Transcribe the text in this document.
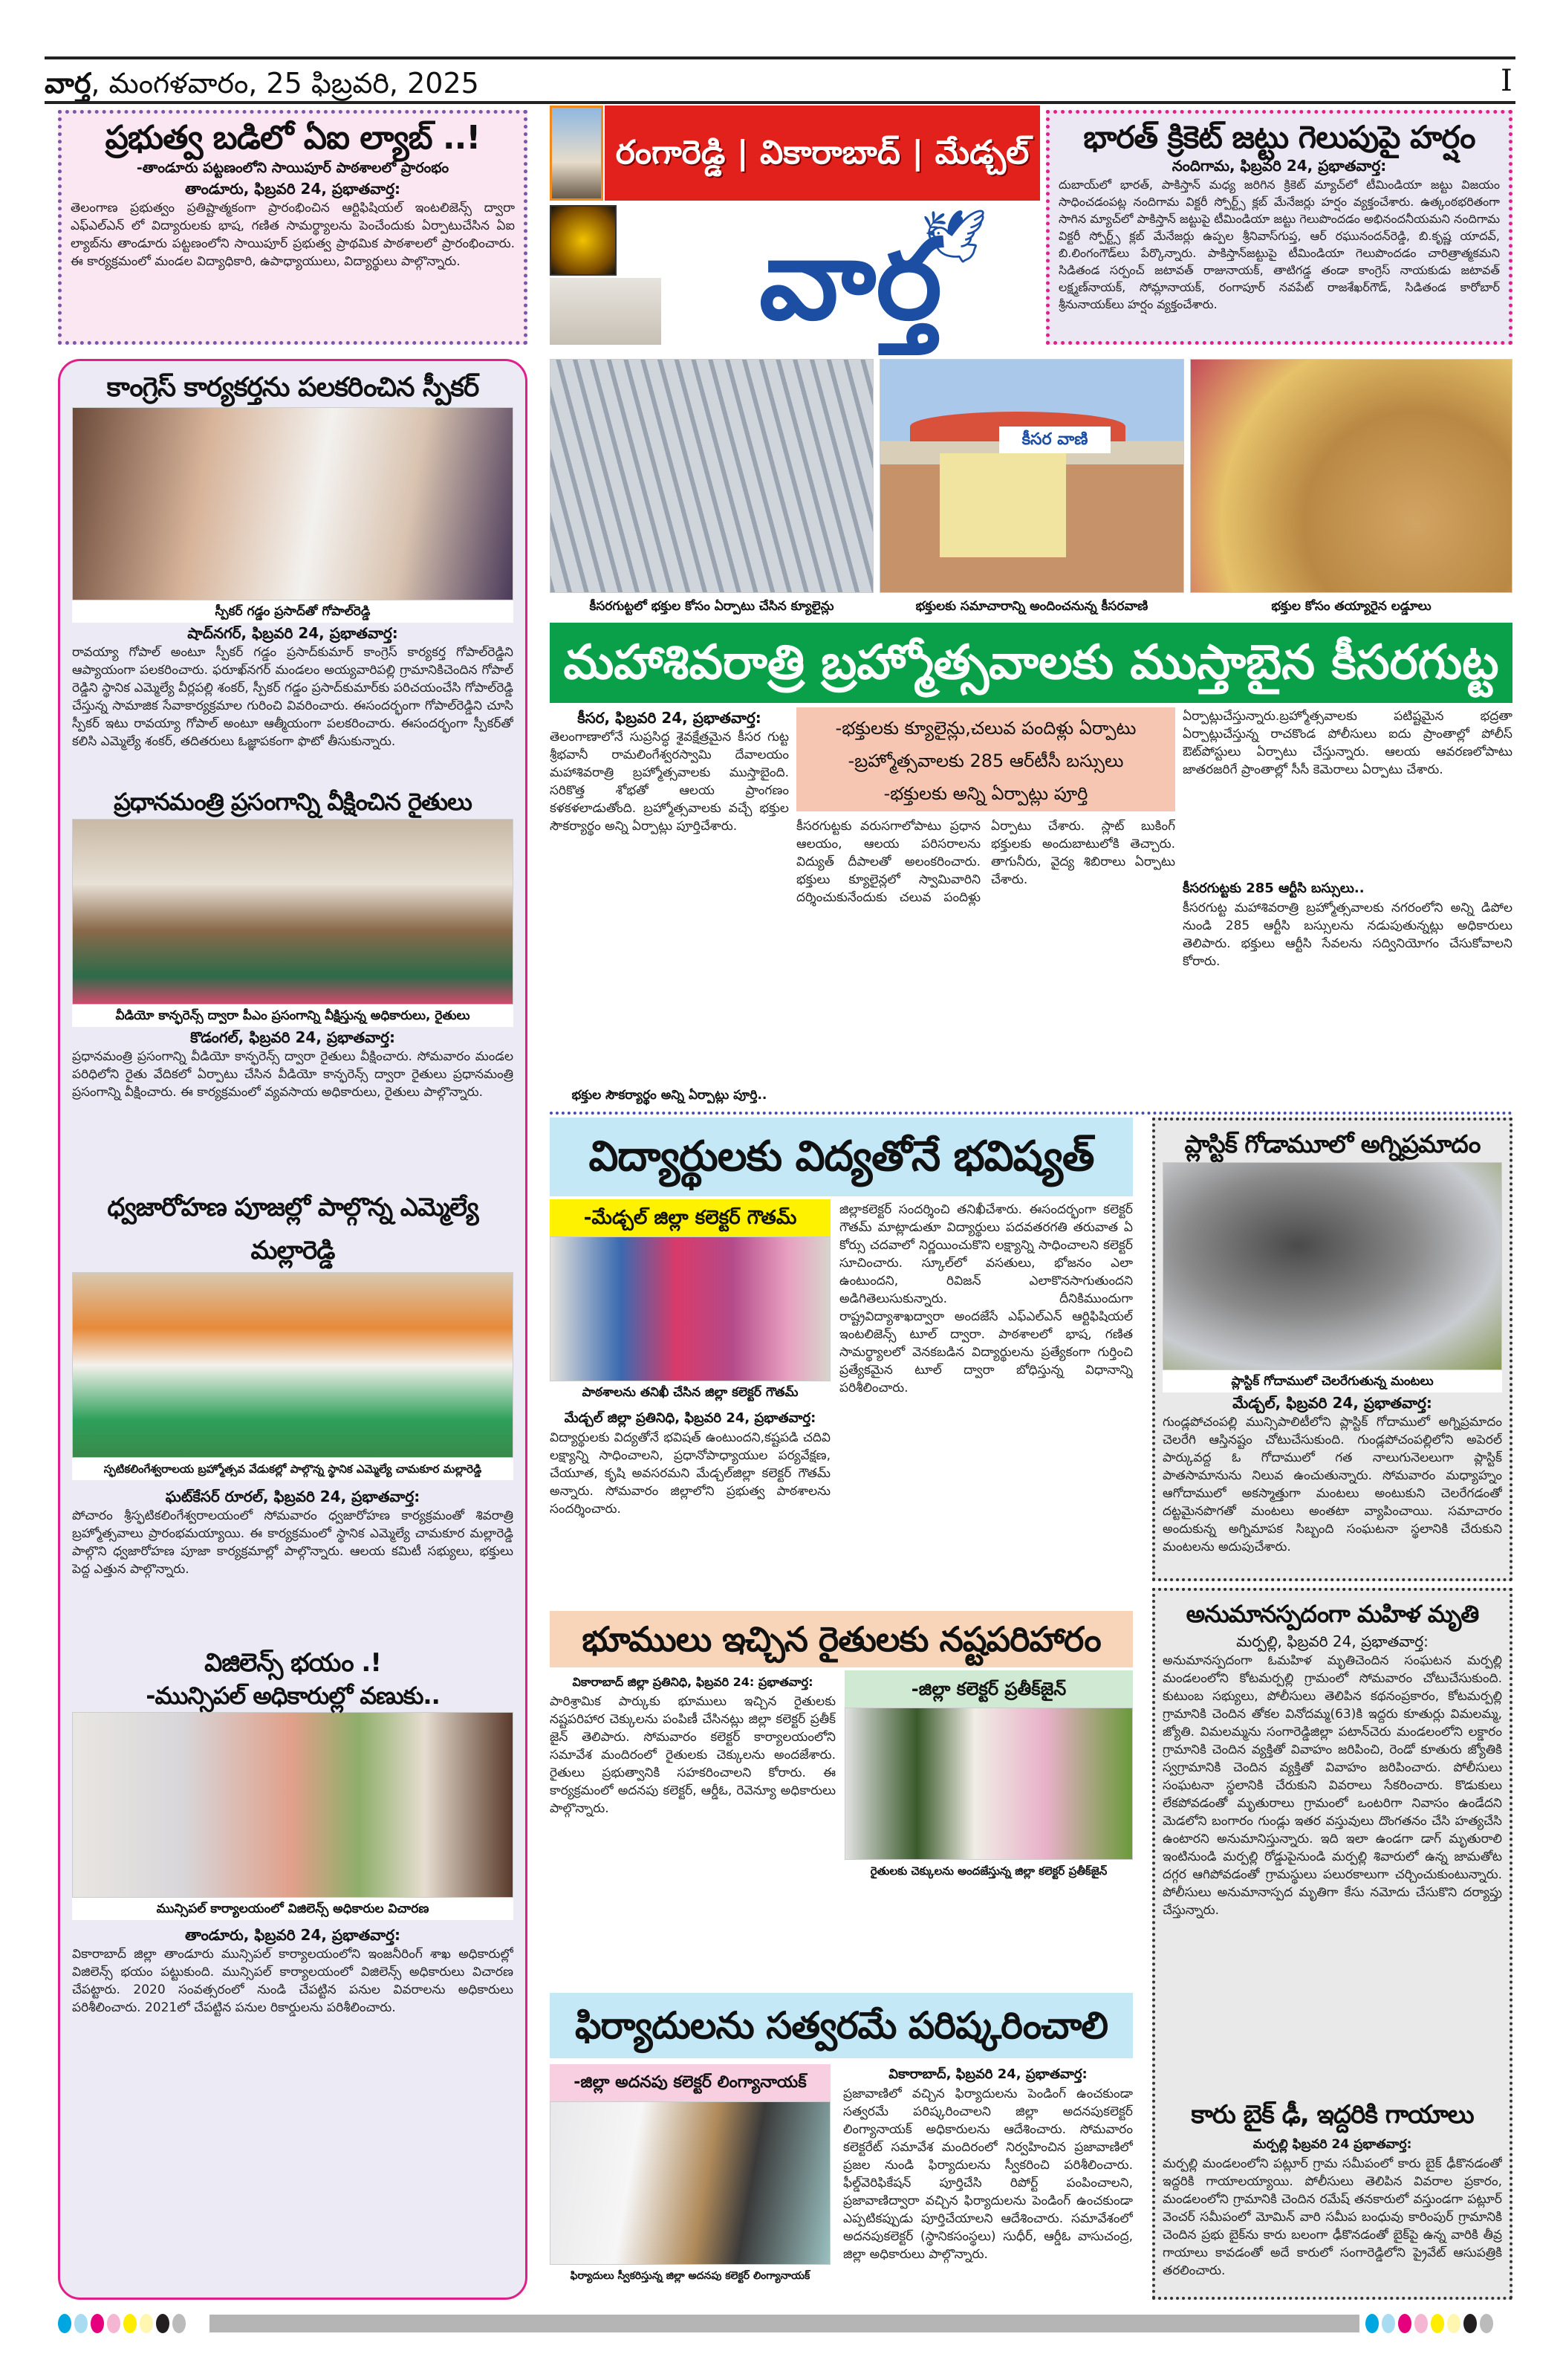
వార్త, మంగళవారం, 25 ఫిబ్రవరి, 2025	I
ప్రభుత్వ బడిలో ఏఐ ల్యాబ్ ..!
-తాండూరు పట్టణంలోని సాయిపూర్ పాఠశాలలో ప్రారంభం
తాండూరు, ఫిబ్రవరి 24, ప్రభాతవార్త:
తెలంగాణ ప్రభుత్వం ప్రతిష్టాత్మకంగా ప్రారంభించిన ఆర్టిఫిషియల్ ఇంటలిజెన్స్ ద్వారా ఎఫ్ఎల్ఎన్ లో విద్యారులకు భాష, గణిత సామర్థ్యాలను పెంచేందుకు ఏర్పాటుచేసిన ఏఐ ల్యాబ్‌ను తాండూరు పట్టణంలోని సాయిపూర్ ప్రభుత్వ ప్రాథమిక పాఠశాలలో ప్రారంభించారు. ఈ కార్యక్రమంలో మండల విద్యాధికారి, ఉపాధ్యాయులు, విద్యార్థులు పాల్గొన్నారు.
రంగారెడ్డి | వికారాబాద్ | మేడ్చల్
🕊
వార్త
భారత్ క్రికెట్ జట్టు గెలుపుపై హర్షం
నందిగామ, ఫిబ్రవరి 24, ప్రభాతవార్త:
దుబాయ్‌లో భారత్, పాకిస్తాన్ మధ్య జరిగిన క్రికెట్ మ్యాచ్‌లో టీమిండియా జట్టు విజయం సాధించడంపట్ల నందిగామ విక్టరీ స్పోర్ట్స్ క్లబ్ మేనేజర్లు హర్షం వ్యక్తంచేశారు. ఉత్కంఠభరితంగా సాగిన మ్యాచ్‌లో పాకిస్తాన్ జట్టుపై టీమిండియా జట్టు గెలుపొందడం అభినందనీయమని నందిగామ విక్టరీ స్పోర్ట్స్ క్లబ్ మేనేజర్లు ఉప్పల శ్రీనివాస్‌గుప్త, ఆర్ రఘునందన్‌రెడ్డి, బి.కృష్ణ యాదవ్, బి.లింగంగౌడ్‌లు పేర్కొన్నారు. పాకిస్తాన్‌జట్టుపై టీమిండియా గెలుపొందడం చారిత్రాత్మకమని సిడితండ సర్పంచ్ జటావత్ రాజునాయక్, తాటిగడ్డ తండా కాంగ్రెస్ నాయకుడు జటావత్ లక్ష్మణ్‌నాయక్, సోమ్లానాయక్, రంగాపూర్ నవపేట్ రాజశేఖర్‌గౌడ్, సిడితండ కారోబార్ శ్రీనునాయక్‌లు హర్షం వ్యక్తంచేశారు.
కాంగ్రెస్ కార్యకర్తను పలకరించిన స్పీకర్
స్పీకర్ గడ్డం ప్రసాద్‌తో గోపాల్‌రెడ్డి
షాద్‌నగర్, ఫిబ్రవరి 24, ప్రభాతవార్త:
రావయ్యా గోపాల్ అంటూ స్పీకర్ గడ్డం ప్రసాద్‌కుమార్ కాంగ్రెస్ కార్యకర్త గోపాల్‌రెడ్డిని ఆప్యాయంగా పలకరించారు. ఫరూఖ్‌నగర్ మండలం అయ్యవారిపల్లి గ్రామానికిచెందిన గోపాల్ రెడ్డిని స్థానిక ఎమ్మెల్యే వీర్లపల్లి శంకర్, స్పీకర్ గడ్డం ప్రసాద్‌కుమార్‌కు పరిచయంచేసి గోపాల్‌రెడ్డి చేస్తున్న సామాజిక సేవాకార్యక్రమాల గురించి వివరించారు. ఈసందర్భంగా గోపాల్‌రెడ్డిని చూసి స్పీకర్ ఇటు రావయ్యా గోపాల్ అంటూ ఆత్మీయంగా పలకరించారు. ఈసందర్భంగా స్పీకర్‌తో కలిసి ఎమ్మెల్యే శంకర్, తదితరులు ఓజ్ఞాపకంగా ఫొటో తీసుకున్నారు.
ప్రధానమంత్రి ప్రసంగాన్ని వీక్షించిన రైతులు
వీడియో కాన్ఫరెన్స్ ద్వారా పీఎం ప్రసంగాన్ని వీక్షిస్తున్న అధికారులు, రైతులు
కొడంగల్, ఫిబ్రవరి 24, ప్రభాతవార్త:
ప్రధానమంత్రి ప్రసంగాన్ని వీడియో కాన్ఫరెన్స్ ద్వారా రైతులు వీక్షించారు. సోమవారం మండల పరిధిలోని రైతు వేదికలో ఏర్పాటు చేసిన వీడియో కాన్ఫరెన్స్ ద్వారా రైతులు ప్రధానమంత్రి ప్రసంగాన్ని వీక్షించారు. ఈ కార్యక్రమంలో వ్యవసాయ అధికారులు, రైతులు పాల్గొన్నారు.
ధ్వజారోహణ పూజల్లో పాల్గొన్న ఎమ్మెల్యే మల్లారెడ్డి
స్ఫటికలింగేశ్వరాలయ బ్రహ్మోత్సవ వేడుకల్లో పాల్గొన్న స్థానిక ఎమ్మెల్యే చామకూర మల్లారెడ్డి
ఘట్‌కేసర్ రూరల్, ఫిబ్రవరి 24, ప్రభాతవార్త:
పోచారం శ్రీస్ఫటికలింగేశ్వరాలయంలో సోమవారం ధ్వజారోహణ కార్యక్రమంతో శివరాత్రి బ్రహ్మోత్సవాలు ప్రారంభమయ్యాయి. ఈ కార్యక్రమంలో స్థానిక ఎమ్మెల్యే చామకూర మల్లారెడ్డి పాల్గొని ధ్వజారోహణ పూజా కార్యక్రమాల్లో పాల్గొన్నారు. ఆలయ కమిటీ సభ్యులు, భక్తులు పెద్ద ఎత్తున పాల్గొన్నారు.
విజిలెన్స్ భయం .!
-మున్సిపల్ అధికారుల్లో వణుకు..
మున్సిపల్ కార్యాలయంలో విజిలెన్స్ అధికారుల విచారణ
తాండూరు, ఫిబ్రవరి 24, ప్రభాతవార్త:
వికారాబాద్ జిల్లా తాండూరు మున్సిపల్ కార్యాలయంలోని ఇంజనీరింగ్ శాఖ అధికారుల్లో విజిలెన్స్ భయం పట్టుకుంది. మున్సిపల్ కార్యాలయంలో విజిలెన్స్ అధికారులు విచారణ చేపట్టారు. 2020 సంవత్సరంలో నుండి చేపట్టిన పనుల వివరాలను అధికారులు పరిశీలించారు. 2021లో చేపట్టిన పనుల రికార్డులను పరిశీలించారు.
కీసర వాణి
కీసరగుట్టలో భక్తుల కోసం ఏర్పాటు చేసిన క్యూలైన్లు	భక్తులకు సమాచారాన్ని అందించనున్న కీసరవాణి	భక్తుల కోసం తయ్యారైన లడ్డూలు
మహాశివరాత్రి బ్రహ్మోత్సవాలకు ముస్తాబైన కీసరగుట్ట
కీసర, ఫిబ్రవరి 24, ప్రభాతవార్త:
తెలంగాణాలోనే సుప్రసిద్ధ శైవక్షేత్రమైన కీసర గుట్ట శ్రీభవానీ రామలింగేశ్వరస్వామి దేవాలయం మహాశివరాత్రి బ్రహ్మోత్సవాలకు ముస్తాబైంది. సరికొత్త శోభతో ఆలయ ప్రాంగణం కళకళలాడుతోంది. బ్రహ్మోత్సవాలకు వచ్చే భక్తుల సౌకర్యార్థం అన్ని ఏర్పాట్లు పూర్తిచేశారు.
భక్తుల సౌకర్యార్థం అన్ని ఏర్పాట్లు పూర్తి..
-భక్తులకు క్యూలైన్లు,చలువ పందిళ్లు ఏర్పాటు
-బ్రహ్మోత్సవాలకు 285 ఆర్‌టీసీ బస్సులు
-భక్తులకు అన్ని ఏర్పాట్లు పూర్తి
కీసరగుట్టకు వరుసగాలోపాటు ప్రధాన ఆలయం, ఆలయ పరిసరాలను విద్యుత్ దీపాలతో అలంకరించారు. భక్తులు క్యూలైన్లలో స్వామివారిని దర్శించుకునేందుకు చలువ పందిళ్లు ఏర్పాటు చేశారు. స్లాట్ బుకింగ్ భక్తులకు అందుబాటులోకి తెచ్చారు. తాగునీరు, వైద్య శిబిరాలు ఏర్పాటు చేశారు.
ఏర్పాట్లుచేస్తున్నారు.బ్రహ్మోత్సవాలకు పటిష్టమైన భద్రతా ఏర్పాట్లుచేస్తున్న రాచకొండ పోలీసులు ఐదు ప్రాంతాల్లో పోలీస్ ఔట్‌పోస్టులు ఏర్పాటు చేస్తున్నారు. ఆలయ ఆవరణలోపాటు జాతరజరిగే ప్రాంతాల్లో సీసీ కెమెరాలు ఏర్పాటు చేశారు.
కీసరగుట్టకు 285 ఆర్టీసి బస్సులు..
కీసరగుట్ట మహాశివరాత్రి బ్రహ్మోత్సవాలకు నగరంలోని అన్ని డిపోల నుండి 285 ఆర్టీసి బస్సులను నడుపుతున్నట్లు అధికారులు తెలిపారు. భక్తులు ఆర్టీసి సేవలను సద్వినియోగం చేసుకోవాలని కోరారు.
విద్యార్థులకు విద్యతోనే భవిష్యత్
-మేడ్చల్ జిల్లా కలెక్టర్ గౌతమ్
పాఠశాలను తనిఖీ చేసిన జిల్లా కలెక్టర్ గౌతమ్
మేడ్చల్ జిల్లా ప్రతినిధి, ఫిబ్రవరి 24, ప్రభాతవార్త:
విద్యార్థులకు విద్యతోనే భవిషత్ ఉంటుందని,కష్టపడి చదివి లక్ష్యాన్ని సాధించాలని, ప్రధానోపాధ్యాయుల పర్యవేక్షణ, చేయూత, కృషి అవసరమని మేడ్చల్‌జిల్లా కలెక్టర్ గౌతమ్ అన్నారు. సోమవారం జిల్లాలోని ప్రభుత్వ పాఠశాలను సందర్శించారు.
జిల్లాకలెక్టర్ సందర్శించి తనిఖీచేశారు. ఈసందర్భంగా కలెక్టర్ గౌతమ్ మాట్లాడుతూ విద్యార్థులు పదవతరగతి తరువాత ఏ కోర్సు చదవాలో నిర్ణయించుకొని లక్ష్యాన్ని సాధించాలని కలెక్టర్ సూచించారు. స్కూల్‌లో వసతులు, భోజనం ఎలా ఉంటుందని, రివిజన్ ఎలాకొనసాగుతుందని అడిగితెలుసుకున్నారు. దీనికిముందుగా రాష్ట్రవిద్యాశాఖద్వారా అందజేసే ఎఫ్ఎల్ఎన్ ఆర్టిఫిషియల్ ఇంటలిజెన్స్ టూల్ ద్వారా. పాఠశాలలో భాష, గణిత సామర్థ్యాలలో వెనకబడిన విద్యార్థులను ప్రత్యేకంగా గుర్తించి ప్రత్యేకమైన టూల్ ద్వారా బోధిస్తున్న విధానాన్ని పరిశీలించారు.
ప్లాస్టిక్ గోడామూలో అగ్నిప్రమాదం
ప్లాస్టిక్ గోదాములో చెలరేగుతున్న మంటలు
మేడ్చల్, ఫిబ్రవరి 24, ప్రభాతవార్త:
గుండ్లపోచంపల్లి మున్సిపాలిటీలోని ప్లాస్టిక్ గోదాములో అగ్నిప్రమాదం చెలరేగి ఆస్తినష్టం చోటుచేసుకుంది. గుండ్లపోచంపల్లిలోని అపెరల్ పార్కువద్ద ఓ గోదాములో గత నాలుగునెలలుగా ప్లాస్టిక్ పాతసామానును నిలువ ఉంచుతున్నారు. సోమవారం మధ్యాహ్నం ఆగోదాములో అకస్మాత్తుగా మంటలు అంటుకుని చెలరేగడంతో దట్టమైనపొగతో మంటలు అంతటా వ్యాపించాయి. సమాచారం అందుకున్న అగ్నిమాపక సిబ్బంది సంఘటనా స్థలానికి చేరుకుని మంటలను అదుపుచేశారు.
భూములు ఇచ్చిన రైతులకు నష్టపరిహారం
వికారాబాద్ జిల్లా ప్రతినిధి, ఫిబ్రవరి 24: ప్రభాతవార్త:
పారిశ్రామిక పార్కుకు భూములు ఇచ్చిన రైతులకు నష్టపరిహార చెక్కులను పంపిణీ చేసినట్లు జిల్లా కలెక్టర్ ప్రతీక్ జైన్ తెలిపారు. సోమవారం కలెక్టర్ కార్యాలయంలోని సమావేశ మందిరంలో రైతులకు చెక్కులను అందజేశారు. రైతులు ప్రభుత్వానికి సహకరించాలని కోరారు. ఈ కార్యక్రమంలో అదనపు కలెక్టర్, ఆర్డీఓ, రెవెన్యూ అధికారులు పాల్గొన్నారు.
-జిల్లా కలెక్టర్ ప్రతీక్‌జైన్
రైతులకు చెక్కులను అందజేస్తున్న జిల్లా కలెక్టర్ ప్రతీక్‌జైన్
అనుమానస్పదంగా మహిళ మృతి
మర్పల్లి, ఫిబ్రవరి 24, ప్రభాతవార్త:
అనుమానస్పదంగా ఓమహిళ మృతిచెందిన సంఘటన మర్పల్లి మండలంలోని కోటమర్పల్లి గ్రామంలో సోమవారం చోటుచేసుకుంది. కుటుంబ సభ్యులు, పోలీసులు తెలిపిన కథనంప్రకారం, కోటమర్పల్లి గ్రామానికి చెందిన తోకల వినోదమ్మ(63)కి ఇద్దరు కూతుర్లు విమలమ్మ, జ్యోతి. విమలమ్మను సంగారెడ్డిజిల్లా పటాన్‌చెరు మండలంలోని లక్డారం గ్రామానికి చెందిన వ్యక్తితో వివాహం జరిపించి, రెండో కూతురు జ్యోతికి స్వగ్రామానికి చెందిన వ్యక్తితో వివాహం జరిపించారు. పోలీసులు సంఘటనా స్థలానికి చేరుకుని వివరాలు సేకరించారు. కొడుకులు లేకపోవడంతో మృతురాలు గ్రామంలో ఒంటరిగా నివాసం ఉండేదని మెడలోని బంగారం గుండ్లు ఇతర వస్తువులు దొంగతనం చేసి హత్యచేసి ఉంటారని అనుమానిస్తున్నారు. ఇది ఇలా ఉండగా డాగ్ మృతురాలి ఇంటినుండి మర్పల్లి రోడ్డుపైనుండి మర్పల్లి శివారులో ఉన్న జామతోట దగ్గర ఆగిపోవడంతో గ్రామస్థులు పలురకాలుగా చర్చించుకుంటున్నారు. పోలీసులు అనుమానాస్పద మృతిగా కేసు నమోదు చేసుకొని దర్యాప్తు చేస్తున్నారు.
కారు బైక్ ఢీ, ఇద్దరికి గాయాలు
మర్పల్లి ఫిబ్రవరి 24 ప్రభాతవార్త:
మర్పల్లి మండలంలోని పట్లూర్ గ్రామ సమీపంలో కారు బైక్ ఢీకొనడంతో ఇద్దరికి గాయాలయ్యాయి. పోలీసులు తెలిపిన వివరాల ప్రకారం, మండలంలోని గ్రామానికి చెందిన రమేష్ తనకారులో వస్తుండగా పట్లూర్ వెంచర్ సమీపంలో మోమిన్ వారి సమీప బంధువు కారింపుర్ గ్రామానికి చెందిన ప్రభు బైక్‌ను కారు బలంగా ఢీకొనడంతో బైక్‌పై ఉన్న వారికి తీవ్ర గాయాలు కావడంతో అదే కారులో సంగారెడ్డిలోని ప్రైవేట్ ఆసుపత్రికి తరలించారు.
ఫిర్యాదులను సత్వరమే పరిష్కరించాలి
-జిల్లా అదనపు కలెక్టర్ లింగ్యానాయక్
ఫిర్యాదులు స్వీకరిస్తున్న జిల్లా అదనపు కలెక్టర్ లింగ్యానాయక్
వికారాబాద్, ఫిబ్రవరి 24, ప్రభాతవార్త:
ప్రజావాణిలో వచ్చిన ఫిర్యాదులను పెండింగ్ ఉంచకుండా సత్వరమే పరిష్కరించాలని జిల్లా అదనపుకలెక్టర్ లింగ్యానాయక్ అధికారులను ఆదేశించారు. సోమవారం కలెక్టరేట్ సమావేశ మందిరంలో నిర్వహించిన ప్రజావాణిలో ప్రజల నుండి ఫిర్యాదులను స్వీకరించి పరిశీలించారు. ఫీల్డ్‌వెరిఫికేషన్ పూర్తిచేసి రిపోర్ట్ పంపించాలని, ప్రజావాణిద్వారా వచ్చిన ఫిర్యాదులను పెండింగ్ ఉంచకుండా ఎప్పటికప్పుడు పూర్తిచేయాలని ఆదేశించారు. సమావేశంలో అదనపుకలెక్టర్ (స్థానికసంస్థలు) సుధీర్, ఆర్డీఓ వాసుచంద్ర, జిల్లా అధికారులు పాల్గొన్నారు.
